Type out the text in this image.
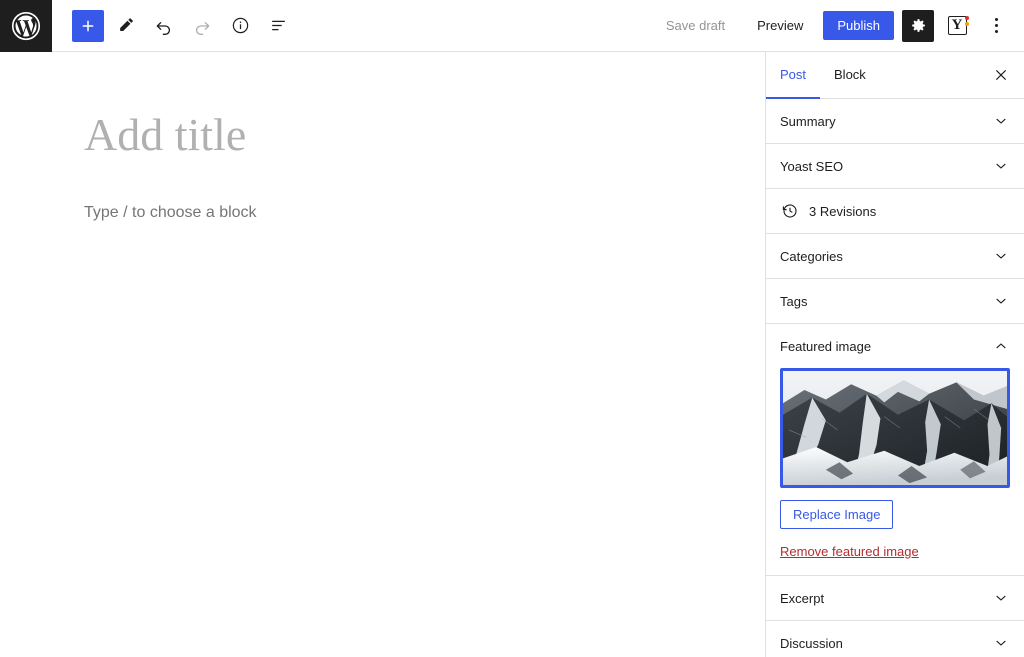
Save draft	Preview	Publish	Y
Add title
Type / to choose a block
Post	Block
Summary
Yoast SEO
3 Revisions
Categories
Tags
Featured image
Replace Image
Remove featured image
Excerpt
Discussion
